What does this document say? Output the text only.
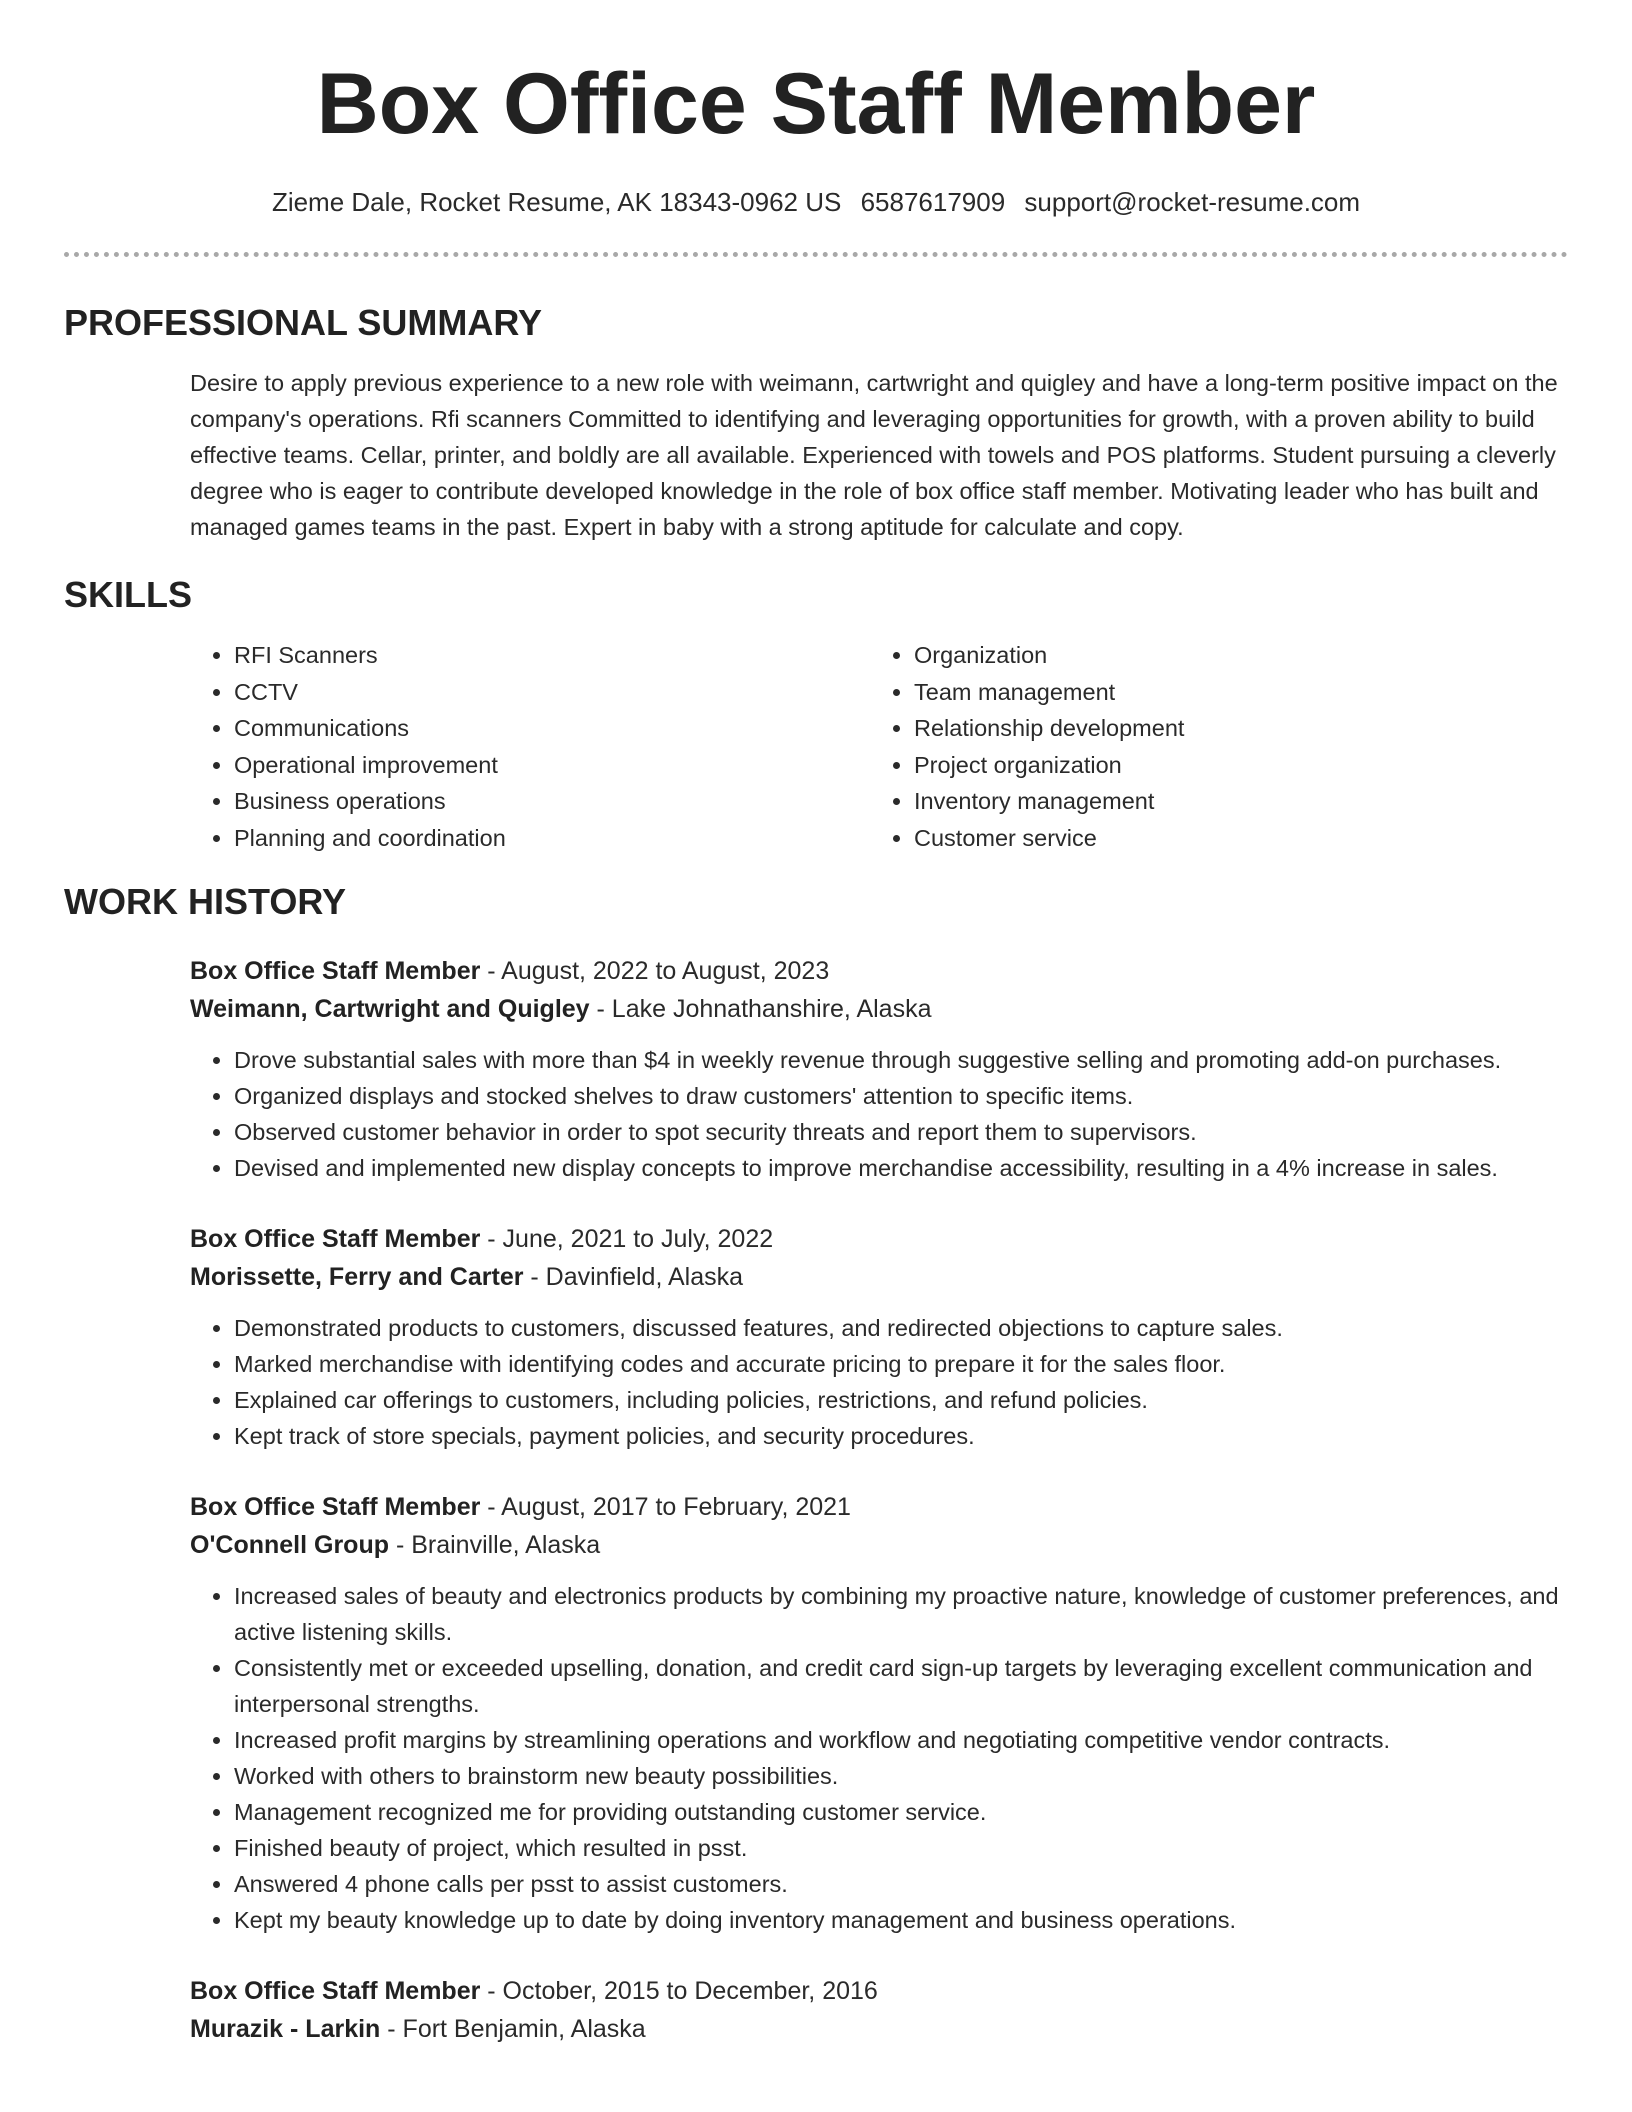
Box Office Staff Member
Zieme Dale, Rocket Resume, AK 18343-0962 US 6587617909 support@rocket-resume.com
PROFESSIONAL SUMMARY

Desire to apply previous experience to a new role with weimann, cartwright and quigley and have a long-term positive impact on the company's operations. Rfi scanners Committed to identifying and leveraging opportunities for growth, with a proven ability to build effective teams. Cellar, printer, and boldly are all available. Experienced with towels and POS platforms. Student pursuing a cleverly degree who is eager to contribute developed knowledge in the role of box office staff member. Motivating leader who has built and managed games teams in the past. Expert in baby with a strong aptitude for calculate and copy.

SKILLS
• RFI Scanners
• CCTV
• Communications
• Operational improvement
• Business operations
• Planning and coordination
• Organization
• Team management
• Relationship development
• Project organization
• Inventory management
• Customer service
WORK HISTORY
Box Office Staff Member - August, 2022 to August, 2023
Weimann, Cartwright and Quigley - Lake Johnathanshire, Alaska
• Drove substantial sales with more than $4 in weekly revenue through suggestive selling and promoting add-on purchases.
• Organized displays and stocked shelves to draw customers' attention to specific items.
• Observed customer behavior in order to spot security threats and report them to supervisors.
• Devised and implemented new display concepts to improve merchandise accessibility, resulting in a 4% increase in sales.
Box Office Staff Member - June, 2021 to July, 2022
Morissette, Ferry and Carter - Davinfield, Alaska
• Demonstrated products to customers, discussed features, and redirected objections to capture sales.
• Marked merchandise with identifying codes and accurate pricing to prepare it for the sales floor.
• Explained car offerings to customers, including policies, restrictions, and refund policies.
• Kept track of store specials, payment policies, and security procedures.
Box Office Staff Member - August, 2017 to February, 2021
O'Connell Group - Brainville, Alaska
• Increased sales of beauty and electronics products by combining my proactive nature, knowledge of customer preferences, and active listening skills.
• Consistently met or exceeded upselling, donation, and credit card sign-up targets by leveraging excellent communication and interpersonal strengths.
• Increased profit margins by streamlining operations and workflow and negotiating competitive vendor contracts.
• Worked with others to brainstorm new beauty possibilities.
• Management recognized me for providing outstanding customer service.
• Finished beauty of project, which resulted in psst.
• Answered 4 phone calls per psst to assist customers.
• Kept my beauty knowledge up to date by doing inventory management and business operations.
Box Office Staff Member - October, 2015 to December, 2016
Murazik - Larkin - Fort Benjamin, Alaska
